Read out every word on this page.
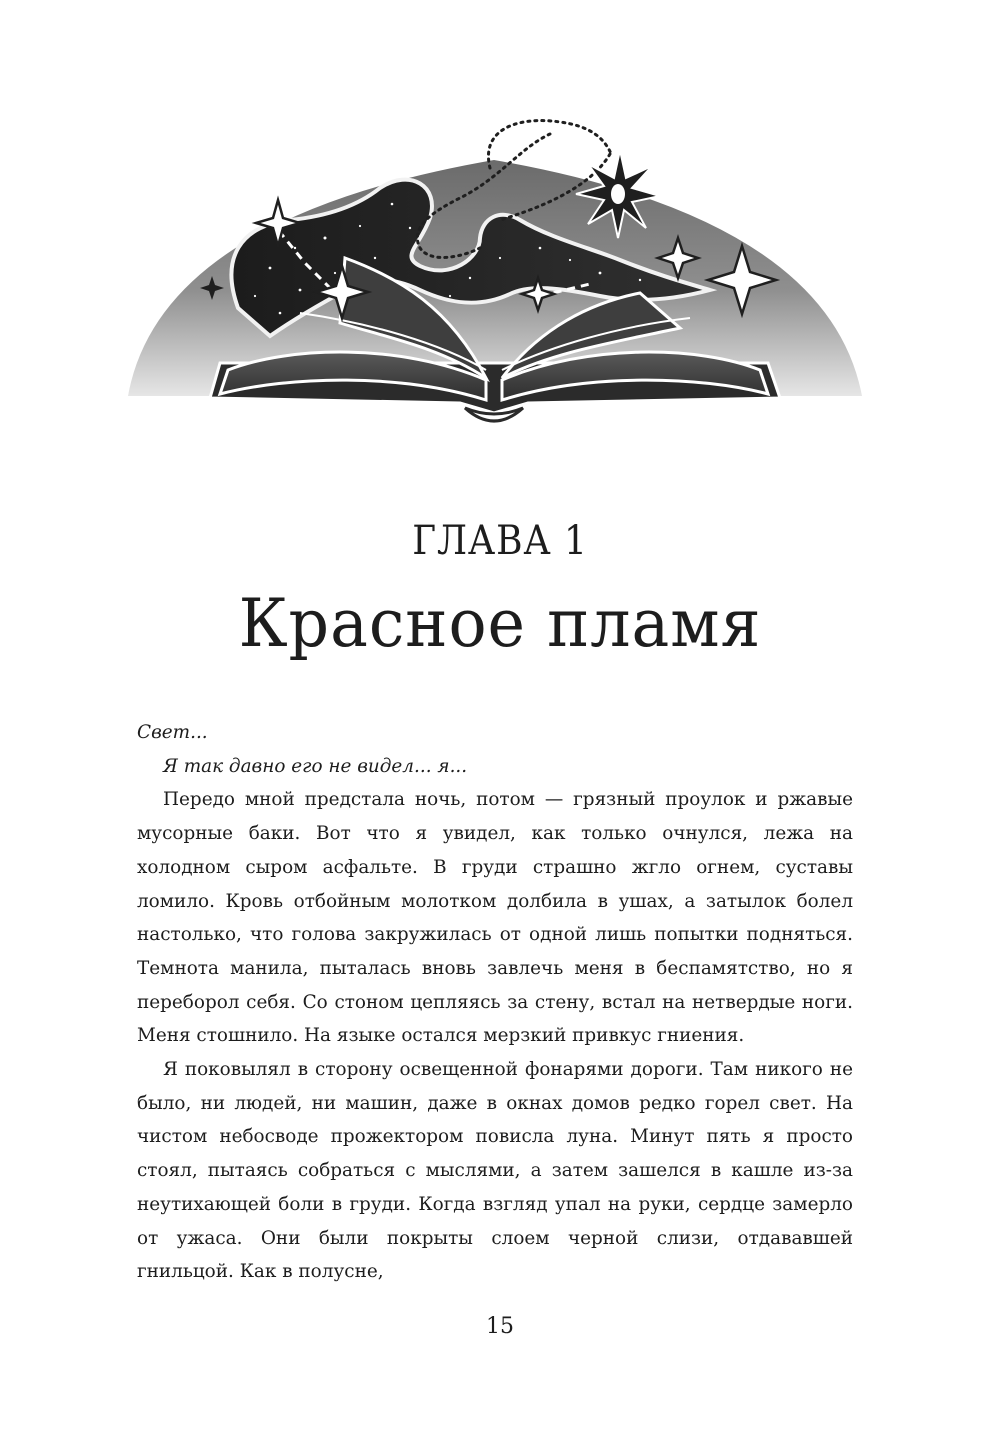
ГЛАВА 1
Красное пламя

Свет...

Я так давно его не видел... я...

Передо мной предстала ночь, потом — грязный проулок и ржавые мусорные баки. Вот что я увидел, как только очнулся, лежа на холодном сыром асфальте. В груди страшно жгло огнем, суставы ломило. Кровь отбойным молотком долбила в ушах, а затылок болел настолько, что голова закружилась от одной лишь попытки подняться. Темнота манила, пыталась вновь завлечь меня в беспамятство, но я переборол себя. Со стоном цепляясь за стену, встал на нетвердые ноги. Меня стошнило. На языке остался мерзкий привкус гниения.

Я поковылял в сторону освещенной фонарями дороги. Там никого не было, ни людей, ни машин, даже в окнах домов редко горел свет. На чистом небосводе прожектором повисла луна. Минут пять я просто стоял, пытаясь собраться с мыслями, а затем зашелся в кашле из-за неутихающей боли в груди. Когда взгляд упал на руки, сердце замерло от ужаса. Они были покрыты слоем черной слизи, отдававшей гнильцой. Как в полусне,

15
